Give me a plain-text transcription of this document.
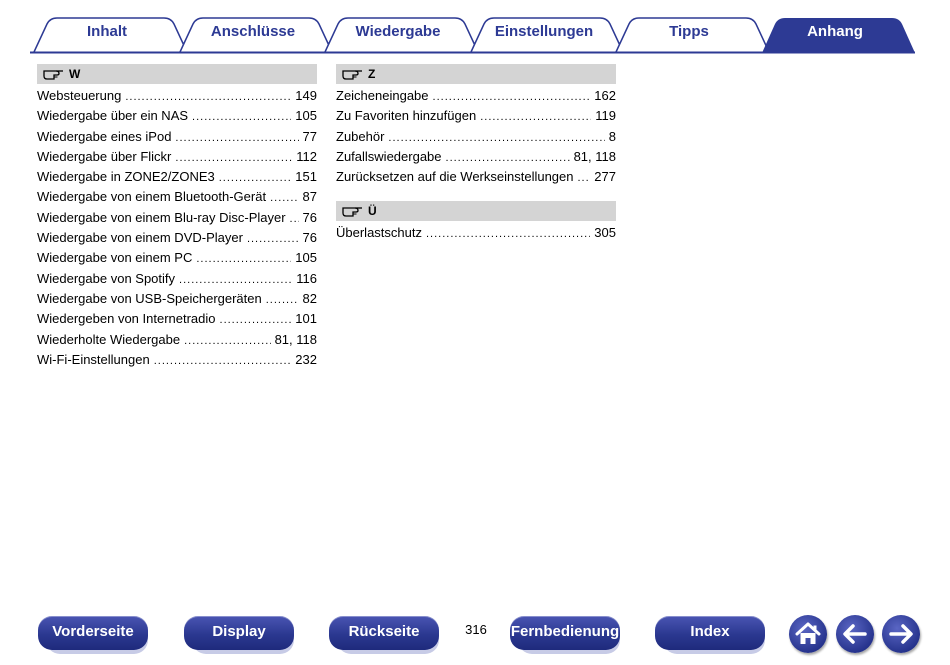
Inhalt	Anschlüsse	Wiedergabe	Einstellungen	Tipps	Anhang
W
Websteuerung .....	149
Wiedergabe über ein NAS .....	105
Wiedergabe eines iPod .....	77
Wiedergabe über Flickr .....	112
Wiedergabe in ZONE2/ZONE3 .....	151
Wiedergabe von einem Bluetooth-Gerät .....	87
Wiedergabe von einem Blu-ray Disc-Player ..... 76
Wiedergabe von einem DVD-Player .....	76
Wiedergabe von einem PC .....	105
Wiedergabe von Spotify .....	116
Wiedergabe von USB-Speichergeräten .....	82
Wiedergeben von Internetradio .....	101
Wiederholte Wiedergabe .....	81, 118
Wi-Fi-Einstellungen .....	232
Z
Zeicheneingabe .....	162
Zu Favoriten hinzufügen .....	119
Zubehör .....	8
Zufallswiedergabe .....	81, 118
Zurücksetzen auf die Werkseinstellungen ..... 277
Ü
Überlastschutz .....	305
Vorderseite	Display	Rückseite	316	Fernbedienung	Index
